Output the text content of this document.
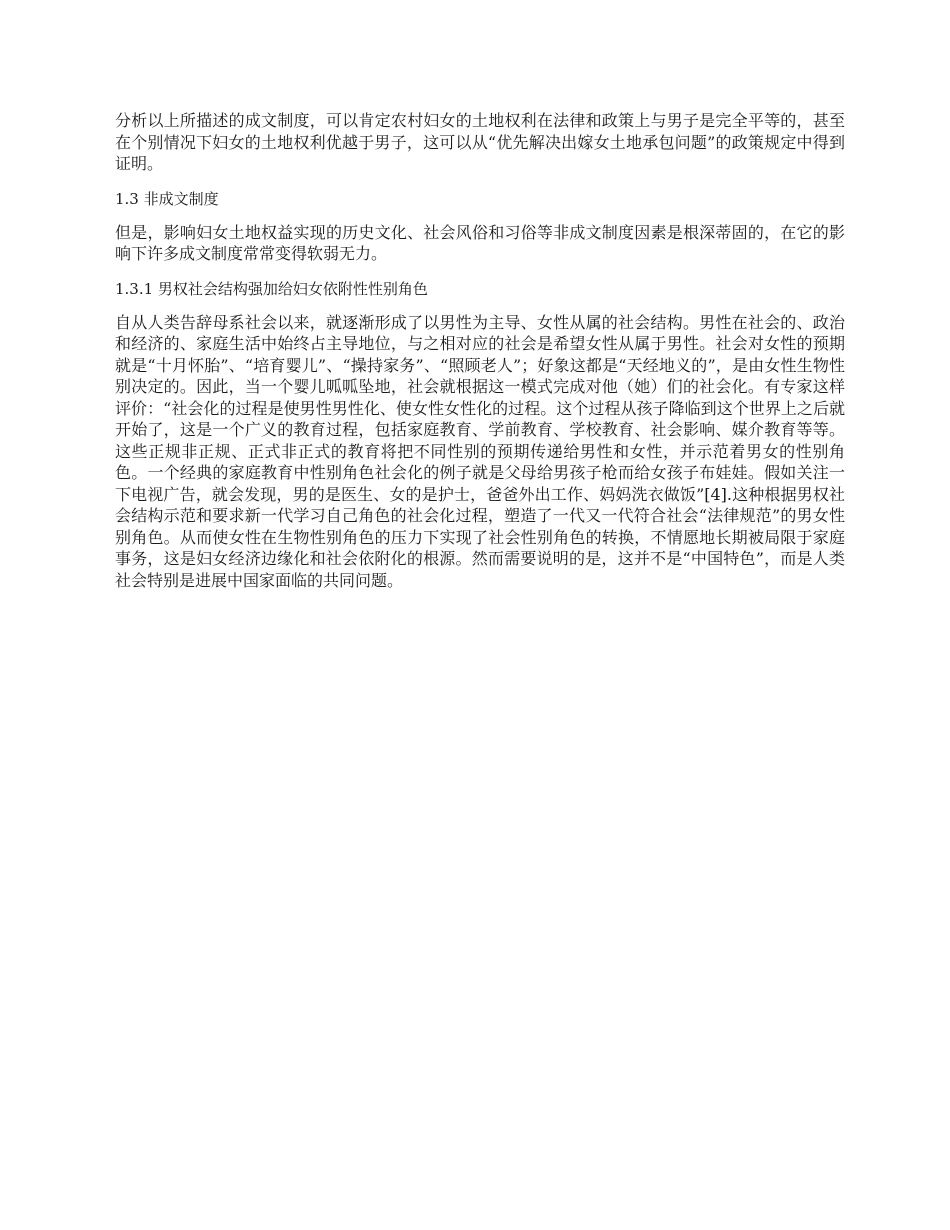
分析以上所描述的成文制度，可以肯定农村妇女的土地权利在法律和政策上与男子是完全平等的，甚至在个别情况下妇女的土地权利优越于男子，这可以从“优先解决出嫁女土地承包问题”的政策规定中得到证明。

1.3 非成文制度

但是，影响妇女土地权益实现的历史文化、社会风俗和习俗等非成文制度因素是根深蒂固的，在它的影响下许多成文制度常常变得软弱无力。

1.3.1 男权社会结构强加给妇女依附性性别角色

自从人类告辞母系社会以来，就逐渐形成了以男性为主导、女性从属的社会结构。男性在社会的、政治和经济的、家庭生活中始终占主导地位，与之相对应的社会是希望女性从属于男性。社会对女性的预期就是“十月怀胎”、“培育婴儿”、“操持家务”、“照顾老人”；好象这都是“天经地义的”，是由女性生物性别决定的。因此，当一个婴儿呱呱坠地，社会就根据这一模式完成对他（她）们的社会化。有专家这样评价：“社会化的过程是使男性男性化、使女性女性化的过程。这个过程从孩子降临到这个世界上之后就开始了，这是一个广义的教育过程，包括家庭教育、学前教育、学校教育、社会影响、媒介教育等等。这些正规非正规、正式非正式的教育将把不同性别的预期传递给男性和女性，并示范着男女的性别角色。一个经典的家庭教育中性别角色社会化的例子就是父母给男孩子枪而给女孩子布娃娃。假如关注一下电视广告，就会发现，男的是医生、女的是护士，爸爸外出工作、妈妈洗衣做饭”[4].这种根据男权社会结构示范和要求新一代学习自己角色的社会化过程，塑造了一代又一代符合社会“法律规范”的男女性别角色。从而使女性在生物性别角色的压力下实现了社会性别角色的转换，不情愿地长期被局限于家庭事务，这是妇女经济边缘化和社会依附化的根源。然而需要说明的是，这并不是“中国特色”，而是人类社会特别是进展中国家面临的共同问题。
